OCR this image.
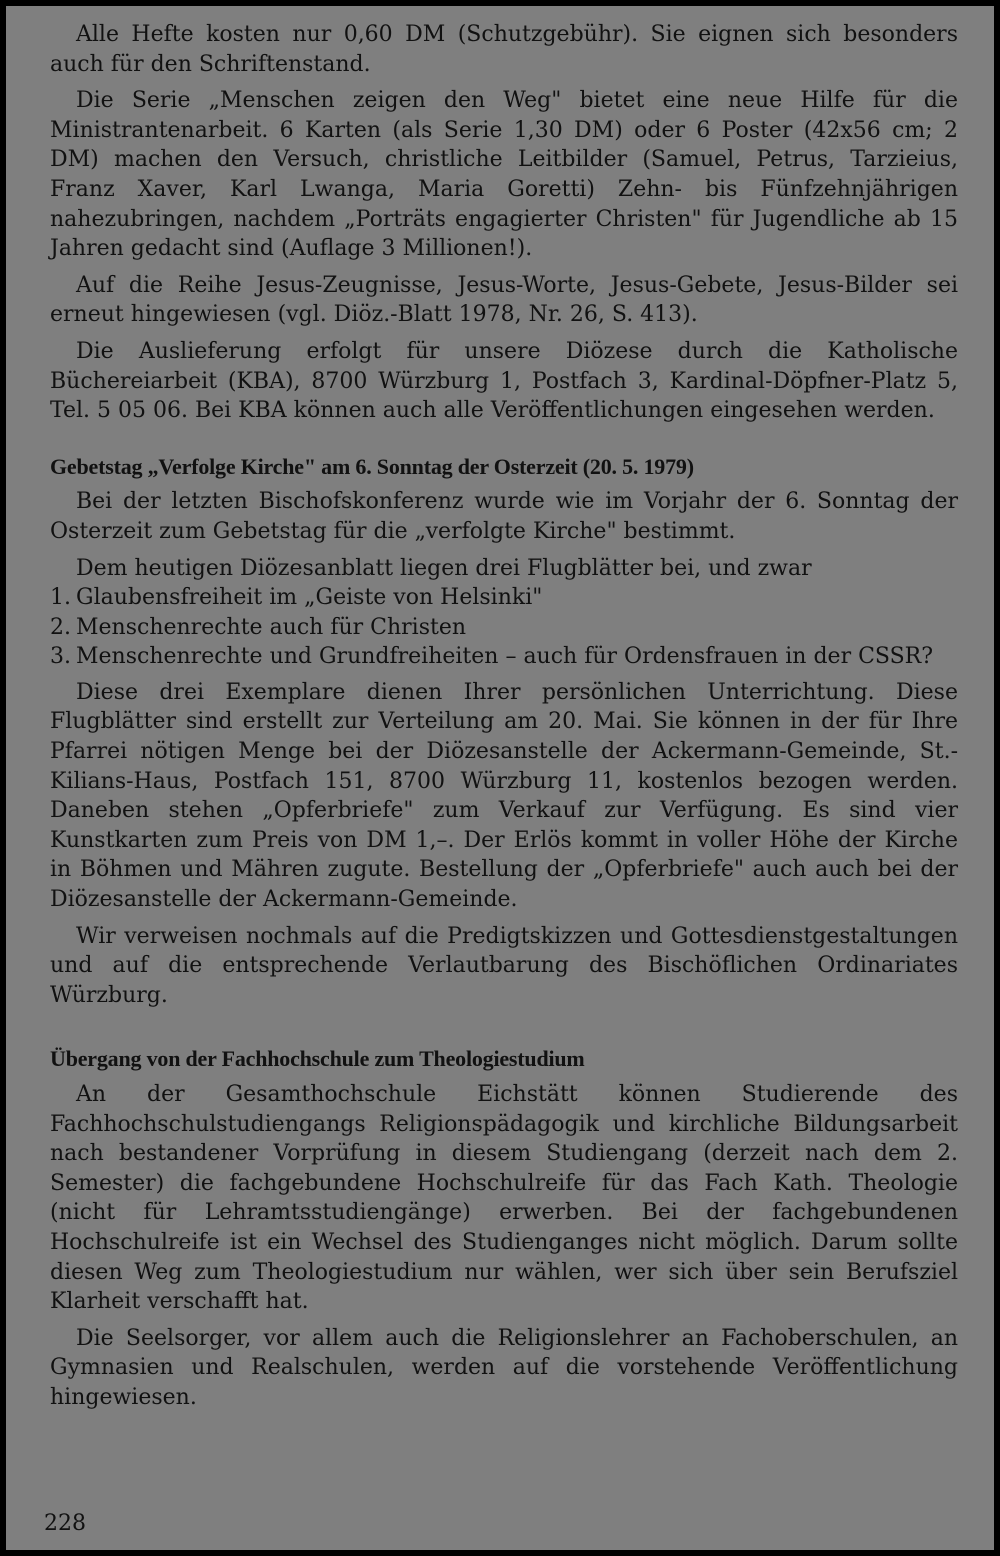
Alle Hefte kosten nur 0,60 DM (Schutzgebühr). Sie eignen sich besonders auch für den Schriftenstand.

Die Serie „Menschen zeigen den Weg" bietet eine neue Hilfe für die Ministrantenarbeit. 6 Karten (als Serie 1,30 DM) oder 6 Poster (42x56 cm; 2 DM) machen den Versuch, christliche Leitbilder (Samuel, Petrus, Tarzieius, Franz Xaver, Karl Lwanga, Maria Goretti) Zehn- bis Fünfzehnjährigen nahezubringen, nachdem „Porträts engagierter Christen" für Jugendliche ab 15 Jahren gedacht sind (Auflage 3 Millionen!).

Auf die Reihe Jesus-Zeugnisse, Jesus-Worte, Jesus-Gebete, Jesus-Bilder sei erneut hingewiesen (vgl. Diöz.-Blatt 1978, Nr. 26, S. 413).

Die Auslieferung erfolgt für unsere Diözese durch die Katholische Büchereiarbeit (KBA), 8700 Würzburg 1, Postfach 3, Kardinal-Döpfner-Platz 5, Tel. 5 05 06. Bei KBA können auch alle Veröffentlichungen eingesehen werden.

Gebetstag „Verfolge Kirche" am 6. Sonntag der Osterzeit (20. 5. 1979)

Bei der letzten Bischofskonferenz wurde wie im Vorjahr der 6. Sonntag der Osterzeit zum Gebetstag für die „verfolgte Kirche" bestimmt.

Dem heutigen Diözesanblatt liegen drei Flugblätter bei, und zwar

1. Glaubensfreiheit im „Geiste von Helsinki"
2. Menschenrechte auch für Christen
3. Menschenrechte und Grundfreiheiten – auch für Ordensfrauen in der CSSR?

Diese drei Exemplare dienen Ihrer persönlichen Unterrichtung. Diese Flugblätter sind erstellt zur Verteilung am 20. Mai. Sie können in der für Ihre Pfarrei nötigen Menge bei der Diözesanstelle der Ackermann-Gemeinde, St.-Kilians-Haus, Postfach 151, 8700 Würzburg 11, kostenlos bezogen werden. Daneben stehen „Opferbriefe" zum Verkauf zur Verfügung. Es sind vier Kunstkarten zum Preis von DM 1,–. Der Erlös kommt in voller Höhe der Kirche in Böhmen und Mähren zugute. Bestellung der „Opferbriefe" auch auch bei der Diözesanstelle der Ackermann-Gemeinde.

Wir verweisen nochmals auf die Predigtskizzen und Gottesdienstgestaltungen und auf die entsprechende Verlautbarung des Bischöflichen Ordinariates Würzburg.

Übergang von der Fachhochschule zum Theologiestudium

An der Gesamthochschule Eichstätt können Studierende des Fachhochschulstudiengangs Religionspädagogik und kirchliche Bildungsarbeit nach bestandener Vorprüfung in diesem Studiengang (derzeit nach dem 2. Semester) die fachgebundene Hochschulreife für das Fach Kath. Theologie (nicht für Lehramtsstudiengänge) erwerben. Bei der fachgebundenen Hochschulreife ist ein Wechsel des Studienganges nicht möglich. Darum sollte diesen Weg zum Theologiestudium nur wählen, wer sich über sein Berufsziel Klarheit verschafft hat.

Die Seelsorger, vor allem auch die Religionslehrer an Fachoberschulen, an Gymnasien und Realschulen, werden auf die vorstehende Veröffentlichung hingewiesen.

228
